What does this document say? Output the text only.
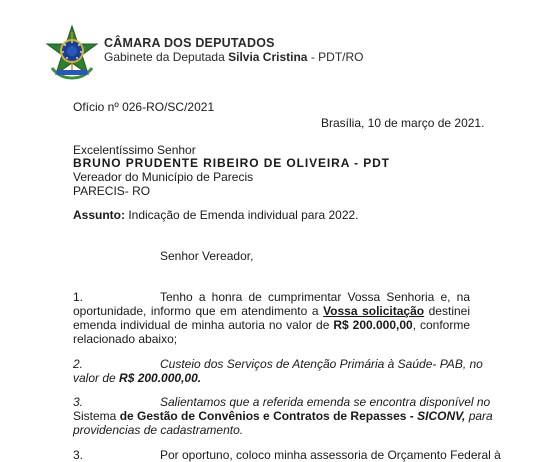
CÂMARA DOS DEPUTADOS
Gabinete da Deputada Silvia Cristina - PDT/RO
Ofício nº 026-RO/SC/2021
Brasília, 10 de março de 2021.
Excelentíssimo Senhor
BRUNO PRUDENTE RIBEIRO DE OLIVEIRA - PDT
Vereador do Município de Parecis
PARECIS- RO
Assunto: Indicação de Emenda individual para 2022.
Senhor Vereador,
1.	Tenho a honra de cumprimentar Vossa Senhoria e, na
oportunidade, informo que em atendimento a Vossa solicitação destinei
emenda individual de minha autoria no valor de R$ 200.000,00, conforme
relacionado abaixo;
2.	Custeio dos Serviços de Atenção Primária à Saúde- PAB, no
valor de R$ 200.000,00.
3.	Salientamos que a referida emenda se encontra disponível no
Sistema de Gestão de Convênios e Contratos de Repasses - SICONV, para
providencias de cadastramento.
3.	Por oportuno, coloco minha assessoria de Orçamento Federal à
